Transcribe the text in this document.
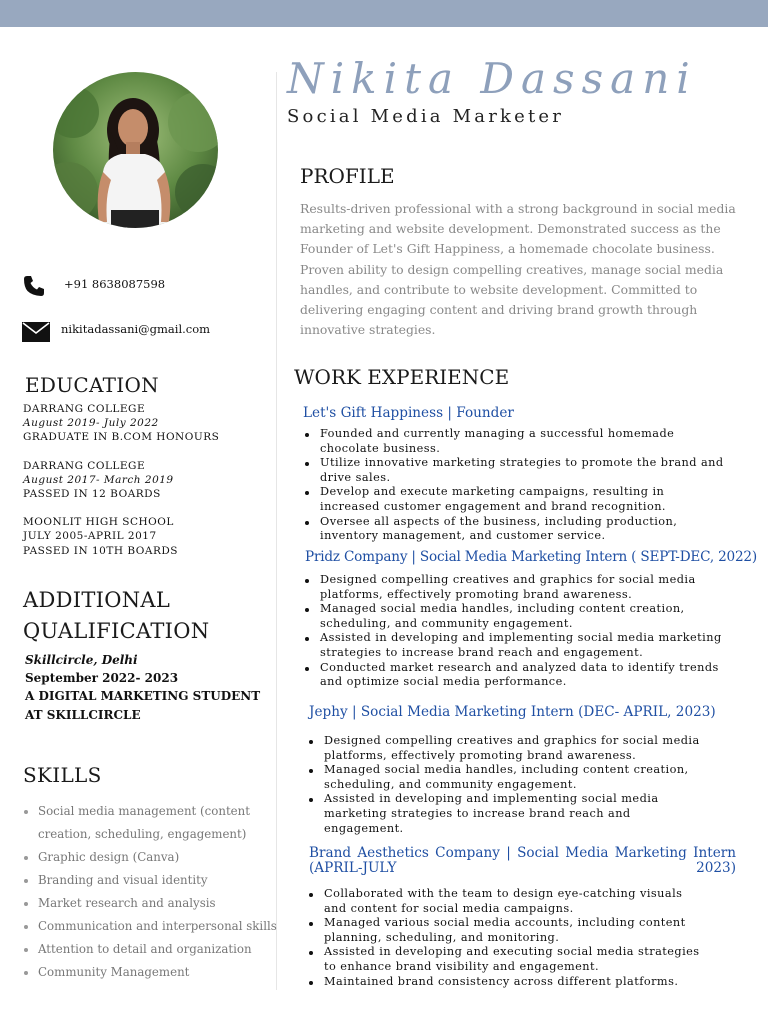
Nikita Dassani
Social Media Marketer
+91 8638087598
nikitadassani@gmail.com
EDUCATION
DARRANG COLLEGE
August 2019- July 2022
GRADUATE IN B.COM HONOURS
DARRANG COLLEGE
August 2017- March 2019
PASSED IN 12 BOARDS
MOONLIT HIGH SCHOOL
JULY 2005-APRIL 2017
PASSED IN 10TH BOARDS
ADDITIONAL
QUALIFICATION
Skillcircle, Delhi
September 2022- 2023
A DIGITAL MARKETING STUDENT
AT SKILLCIRCLE
SKILLS
Social media management (content creation, scheduling, engagement)
Graphic design (Canva)
Branding and visual identity
Market research and analysis
Communication and interpersonal skills
Attention to detail and organization
Community Management
PROFILE

Results-driven professional with a strong background in social media marketing and website development. Demonstrated success as the Founder of Let's Gift Happiness, a homemade chocolate business. Proven ability to design compelling creatives, manage social media handles, and contribute to website development. Committed to delivering engaging content and driving brand growth through innovative strategies.

WORK EXPERIENCE
Let's Gift Happiness | Founder
Founded and currently managing a successful homemade chocolate business.
Utilize innovative marketing strategies to promote the brand and drive sales.
Develop and execute marketing campaigns, resulting in increased customer engagement and brand recognition.
Oversee all aspects of the business, including production, inventory management, and customer service.
Pridz Company | Social Media Marketing Intern ( SEPT-DEC, 2022)
Designed compelling creatives and graphics for social media platforms, effectively promoting brand awareness.
Managed social media handles, including content creation, scheduling, and community engagement.
Assisted in developing and implementing social media marketing strategies to increase brand reach and engagement.
Conducted market research and analyzed data to identify trends and optimize social media performance.
Jephy | Social Media Marketing Intern (DEC- APRIL, 2023)
Designed compelling creatives and graphics for social media platforms, effectively promoting brand awareness.
Managed social media handles, including content creation, scheduling, and community engagement.
Assisted in developing and implementing social media marketing strategies to increase brand reach and engagement.
Brand Aesthetics Company | Social Media Marketing Intern (APRIL-JULY 2023)
Collaborated with the team to design eye-catching visuals and content for social media campaigns.
Managed various social media accounts, including content planning, scheduling, and monitoring.
Assisted in developing and executing social media strategies to enhance brand visibility and engagement.
Maintained brand consistency across different platforms.
